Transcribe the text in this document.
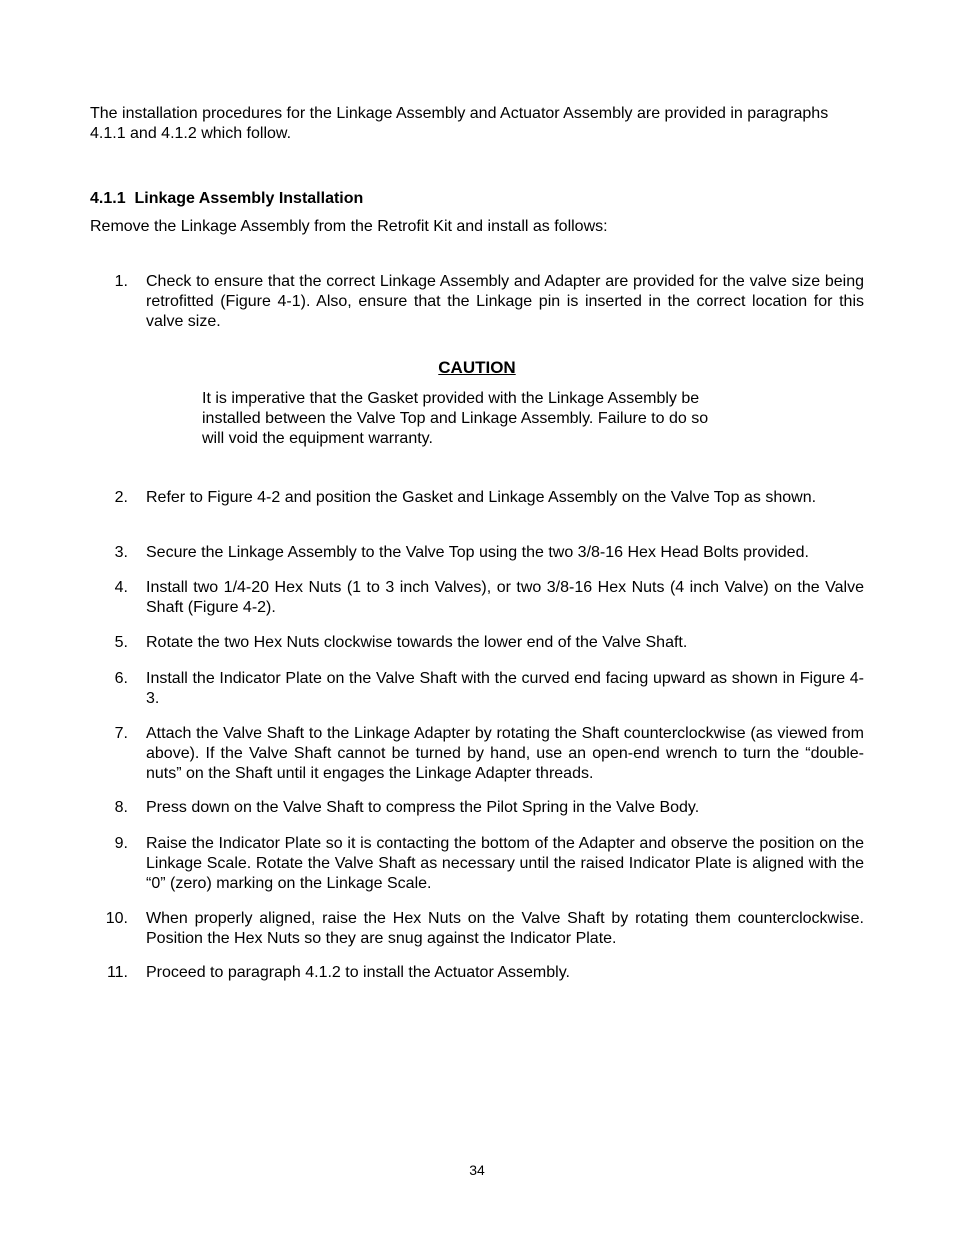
The installation procedures for the Linkage Assembly and Actuator Assembly are provided in paragraphs 4.1.1 and 4.1.2 which follow.

4.1.1 Linkage Assembly Installation

Remove the Linkage Assembly from the Retrofit Kit and install as follows:

1. Check to ensure that the correct Linkage Assembly and Adapter are provided for the valve size being retrofitted (Figure 4-1). Also, ensure that the Linkage pin is inserted in the correct location for this valve size.
2. Refer to Figure 4-2 and position the Gasket and Linkage Assembly on the Valve Top as shown.
3. Secure the Linkage Assembly to the Valve Top using the two 3/8-16 Hex Head Bolts provided.
4. Install two 1/4-20 Hex Nuts (1 to 3 inch Valves), or two 3/8-16 Hex Nuts (4 inch Valve) on the Valve Shaft (Figure 4-2).
5. Rotate the two Hex Nuts clockwise towards the lower end of the Valve Shaft.
6. Install the Indicator Plate on the Valve Shaft with the curved end facing upward as shown in Figure 4-3.
7. Attach the Valve Shaft to the Linkage Adapter by rotating the Shaft counterclockwise (as viewed from above). If the Valve Shaft cannot be turned by hand, use an open-end wrench to turn the “double-nuts” on the Shaft until it engages the Linkage Adapter threads.
8. Press down on the Valve Shaft to compress the Pilot Spring in the Valve Body.
9. Raise the Indicator Plate so it is contacting the bottom of the Adapter and observe the position on the Linkage Scale. Rotate the Valve Shaft as necessary until the raised Indicator Plate is aligned with the “0” (zero) marking on the Linkage Scale.
10. When properly aligned, raise the Hex Nuts on the Valve Shaft by rotating them counterclockwise. Position the Hex Nuts so they are snug against the Indicator Plate.
11. Proceed to paragraph 4.1.2 to install the Actuator Assembly.
CAUTION
It is imperative that the Gasket provided with the Linkage Assembly be
installed between the Valve Top and Linkage Assembly. Failure to do so
will void the equipment warranty.
34
